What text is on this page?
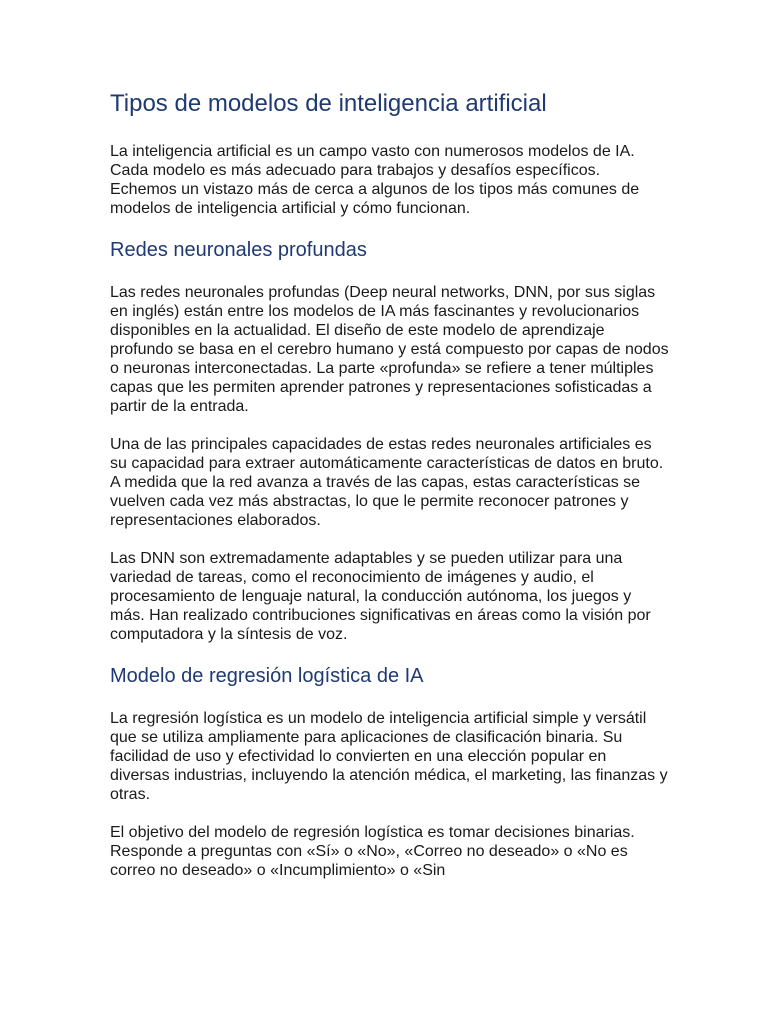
Tipos de modelos de inteligencia artificial

La inteligencia artificial es un campo vasto con numerosos modelos de IA. Cada modelo es más adecuado para trabajos y desafíos específicos. Echemos un vistazo más de cerca a algunos de los tipos más comunes de modelos de inteligencia artificial y cómo funcionan.

Redes neuronales profundas

Las redes neuronales profundas (Deep neural networks, DNN, por sus siglas en inglés) están entre los modelos de IA más fascinantes y revolucionarios disponibles en la actualidad. El diseño de este modelo de aprendizaje profundo se basa en el cerebro humano y está compuesto por capas de nodos o neuronas interconectadas. La parte «profunda» se refiere a tener múltiples capas que les permiten aprender patrones y representaciones sofisticadas a partir de la entrada.

Una de las principales capacidades de estas redes neuronales artificiales es su capacidad para extraer automáticamente características de datos en bruto. A medida que la red avanza a través de las capas, estas características se vuelven cada vez más abstractas, lo que le permite reconocer patrones y representaciones elaborados.

Las DNN son extremadamente adaptables y se pueden utilizar para una variedad de tareas, como el reconocimiento de imágenes y audio, el procesamiento de lenguaje natural, la conducción autónoma, los juegos y más. Han realizado contribuciones significativas en áreas como la visión por computadora y la síntesis de voz.

Modelo de regresión logística de IA

La regresión logística es un modelo de inteligencia artificial simple y versátil que se utiliza ampliamente para aplicaciones de clasificación binaria. Su facilidad de uso y efectividad lo convierten en una elección popular en diversas industrias, incluyendo la atención médica, el marketing, las finanzas y otras.

El objetivo del modelo de regresión logística es tomar decisiones binarias. Responde a preguntas con «Sí» o «No», «Correo no deseado» o «No es correo no deseado» o «Incumplimiento» o «Sin
